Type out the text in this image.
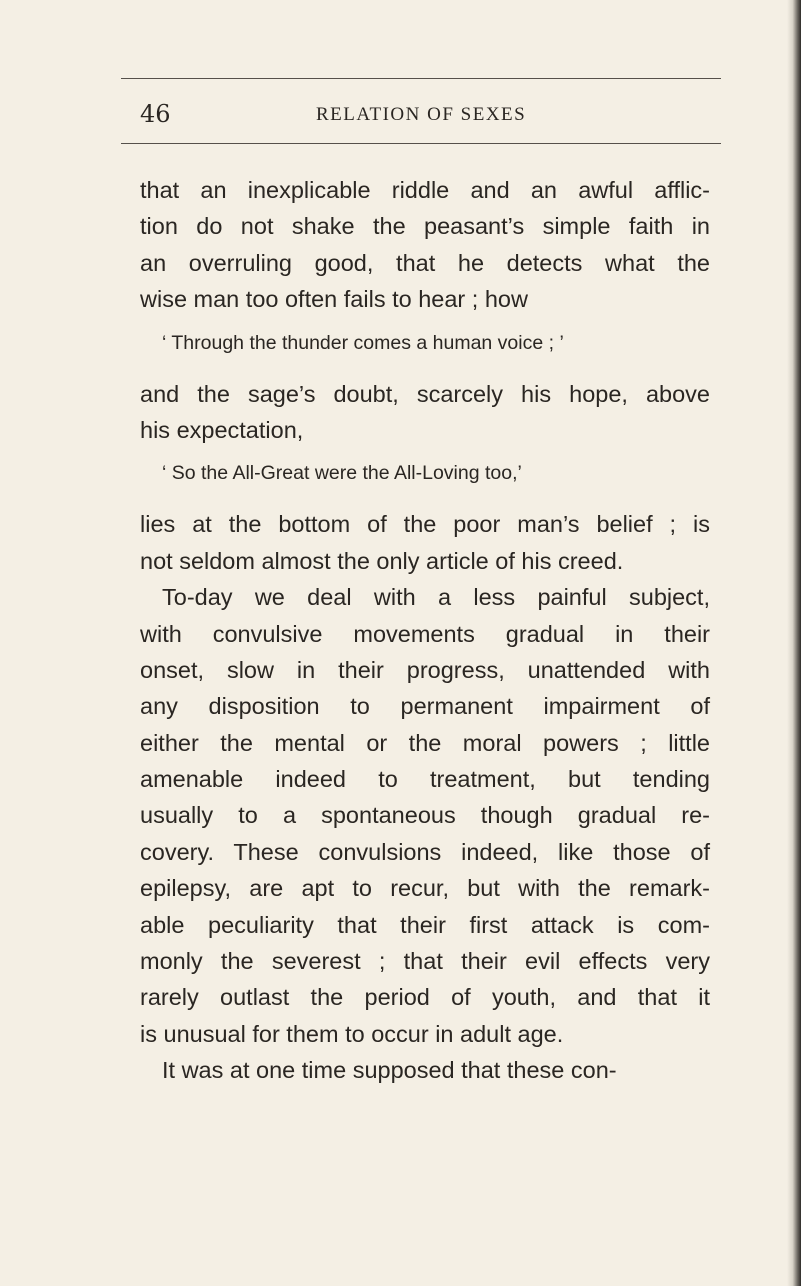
46	RELATION OF SEXES
that an inexplicable riddle and an awful afflic-
tion do not shake the peasant’s simple faith in
an overruling good, that he detects what the
wise man too often fails to hear ; how
‘ Through the thunder comes a human voice ; ’
and the sage’s doubt, scarcely his hope, above
his expectation,
‘ So the All-Great were the All-Loving too,’
lies at the bottom of the poor man’s belief ; is
not seldom almost the only article of his creed.
To-day we deal with a less painful subject,
with convulsive movements gradual in their
onset, slow in their progress, unattended with
any disposition to permanent impairment of
either the mental or the moral powers ; little
amenable indeed to treatment, but tending
usually to a spontaneous though gradual re-
covery. These convulsions indeed, like those of
epilepsy, are apt to recur, but with the remark-
able peculiarity that their first attack is com-
monly the severest ; that their evil effects very
rarely outlast the period of youth, and that it
is unusual for them to occur in adult age.
It was at one time supposed that these con-
